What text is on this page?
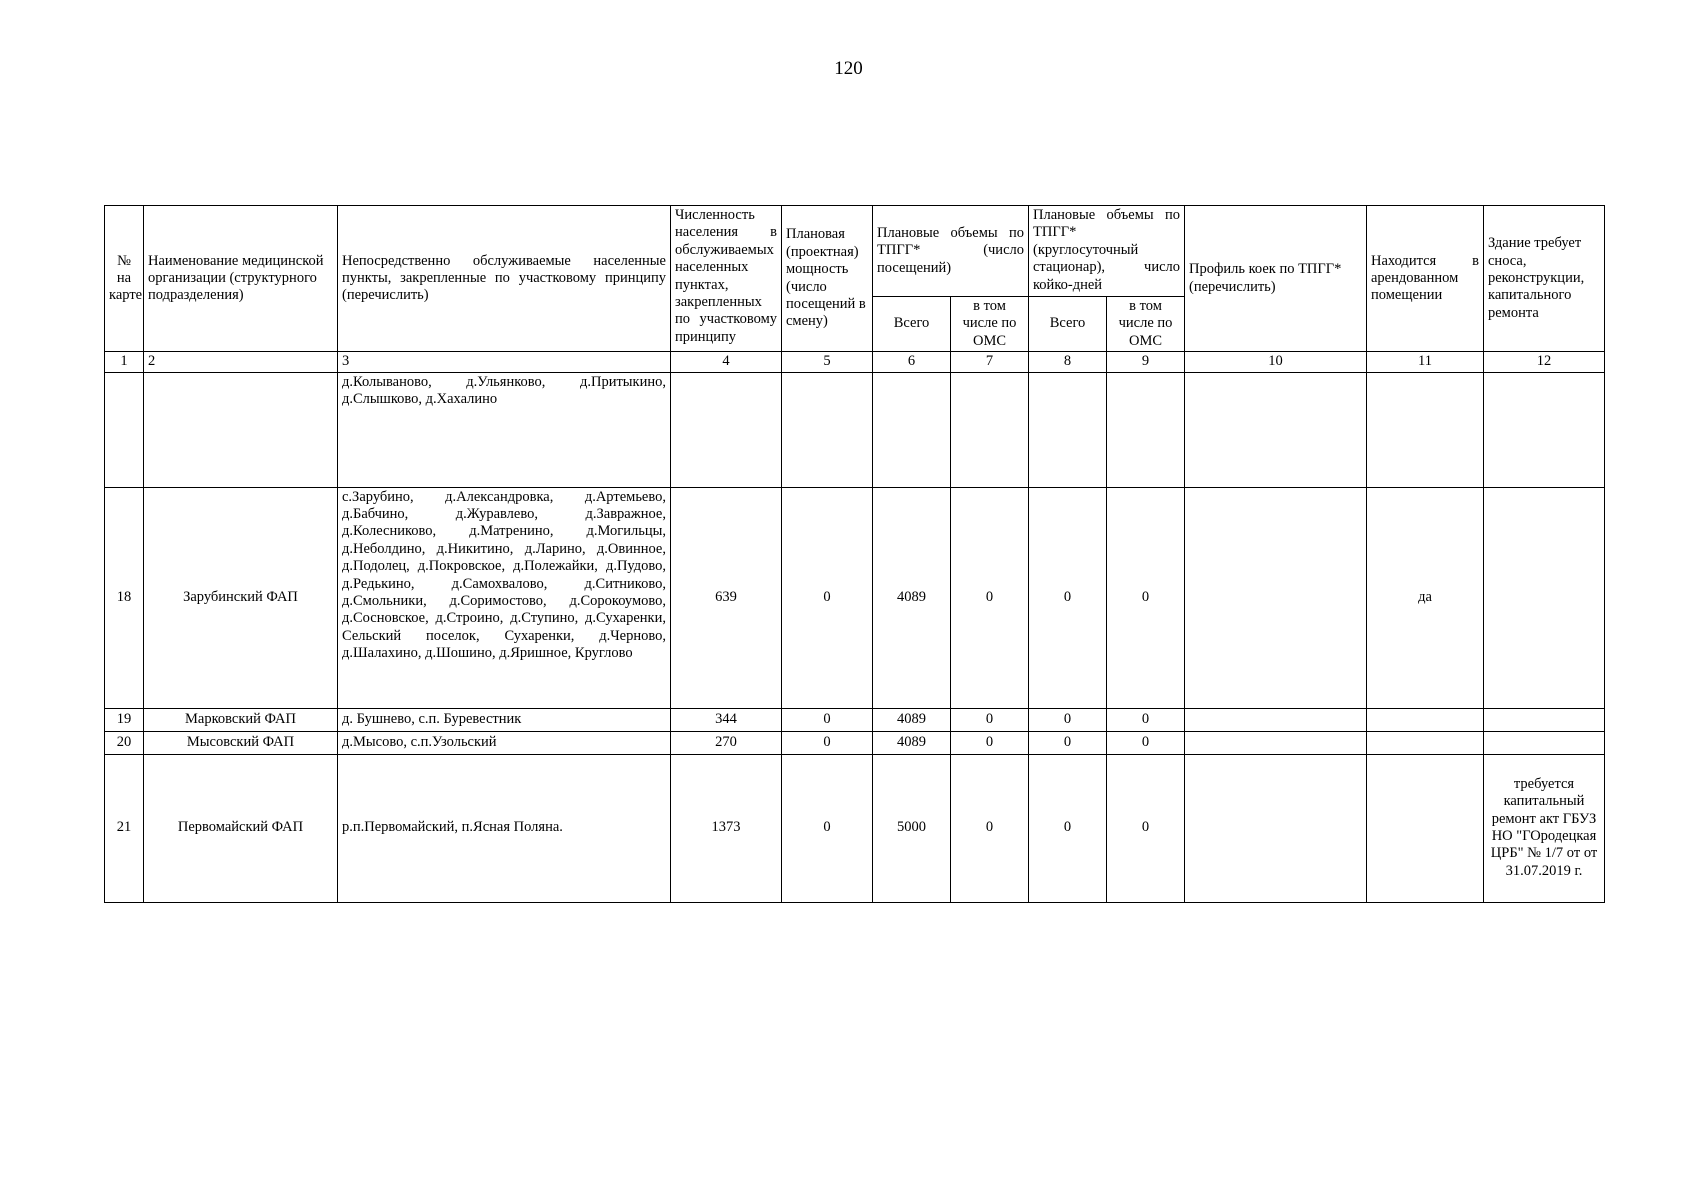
120
№ на карте	Наименование медицинской организации (структурного подразделения)	Непосредственно обслуживаемые населенные пункты, закрепленные по участковому принципу (перечислить)	Численность населения в обслуживаемых населенных пунктах, закрепленных по участковому принципу	Плановая (проектная) мощность (число посещений в смену)	Плановые объемы по ТПГГ* (число посещений)		Плановые объемы по ТПГГ* (круглосуточный стационар), число койко-дней		Профиль коек по ТПГГ* (перечислить)	Находится в арендованном помещении	Здание требует сноса, реконструкции, капитального ремонта
					Всего	в том числе по ОМС	Всего	в том числе по ОМС			
1	2	3	4	5	6	7	8	9	10	11	12
		д.Колываново, д.Ульянково, д.Притыкино, д.Слышково, д.Хахалино									
18	Зарубинский ФАП	с.Зарубино, д.Александровка, д.Артемьево, д.Бабчино, д.Журавлево, д.Завражное, д.Колесниково, д.Матренино, д.Могильцы, д.Неболдино, д.Никитино, д.Ларино, д.Овинное, д.Подолец, д.Покровское, д.Полежайки, д.Пудово, д.Редькино, д.Самохвалово, д.Ситниково, д.Смольники, д.Соримостово, д.Сорокоумово, д.Сосновское, д.Строино, д.Ступино, д.Сухаренки, Сельский поселок, Сухаренки, д.Черново, д.Шалахино, д.Шошино, д.Яришное, Круглово	639	0	4089	0	0	0		да	
19	Марковский ФАП	д. Бушнево, с.п. Буревестник	344	0	4089	0	0	0			
20	Мысовский ФАП	д.Мысово, с.п.Узольский	270	0	4089	0	0	0			
21	Первомайский ФАП	р.п.Первомайский, п.Ясная Поляна.	1373	0	5000	0	0	0			требуется капитальный ремонт акт ГБУЗ НО "ГОродецкая ЦРБ" № 1/7 от от 31.07.2019 г.
